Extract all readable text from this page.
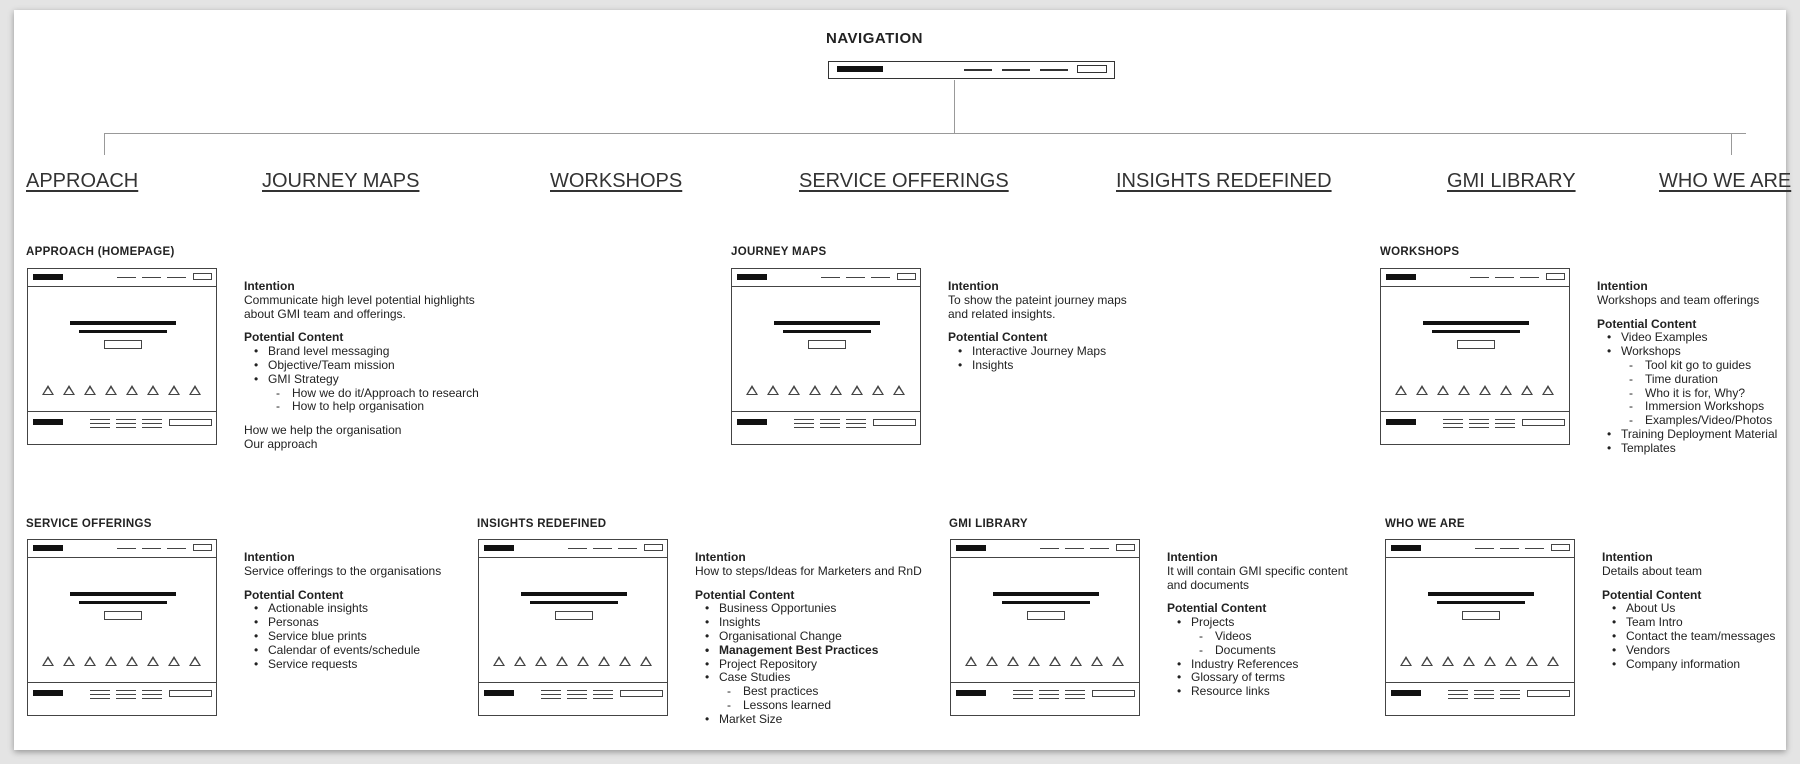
NAVIGATION
APPROACH	JOURNEY MAPS	WORKSHOPS	SERVICE OFFERINGS	INSIGHTS REDEFINED	GMI LIBRARY	WHO WE ARE
APPROACH (HOMEPAGE)
Intention
Communicate high level potential highlights
about GMI team and offerings.
Potential Content
• Brand level messaging
• Objective/Team mission
• GMI Strategy
- How we do it/Approach to research
- How to help organisation
How we help the organisation
Our approach
JOURNEY MAPS
Intention
To show the pateint journey maps
and related insights.
Potential Content
• Interactive Journey Maps
• Insights
WORKSHOPS
Intention
Workshops and team offerings
Potential Content
• Video Examples
• Workshops
- Tool kit go to guides
- Time duration
- Who it is for, Why?
- Immersion Workshops
- Examples/Video/Photos
• Training Deployment Material
• Templates
SERVICE OFFERINGS
Intention
Service offerings to the organisations
Potential Content
• Actionable insights
• Personas
• Service blue prints
• Calendar of events/schedule
• Service requests
INSIGHTS REDEFINED
Intention
How to steps/Ideas for Marketers and RnD
Potential Content
• Business Opportunies
• Insights
• Organisational Change
• Management Best Practices
• Project Repository
• Case Studies
- Best practices
- Lessons learned
• Market Size
GMI LIBRARY
Intention
It will contain GMI specific content
and documents
Potential Content
• Projects
- Videos
- Documents
• Industry References
• Glossary of terms
• Resource links
WHO WE ARE
Intention
Details about team
Potential Content
• About Us
• Team Intro
• Contact the team/messages
• Vendors
• Company information
